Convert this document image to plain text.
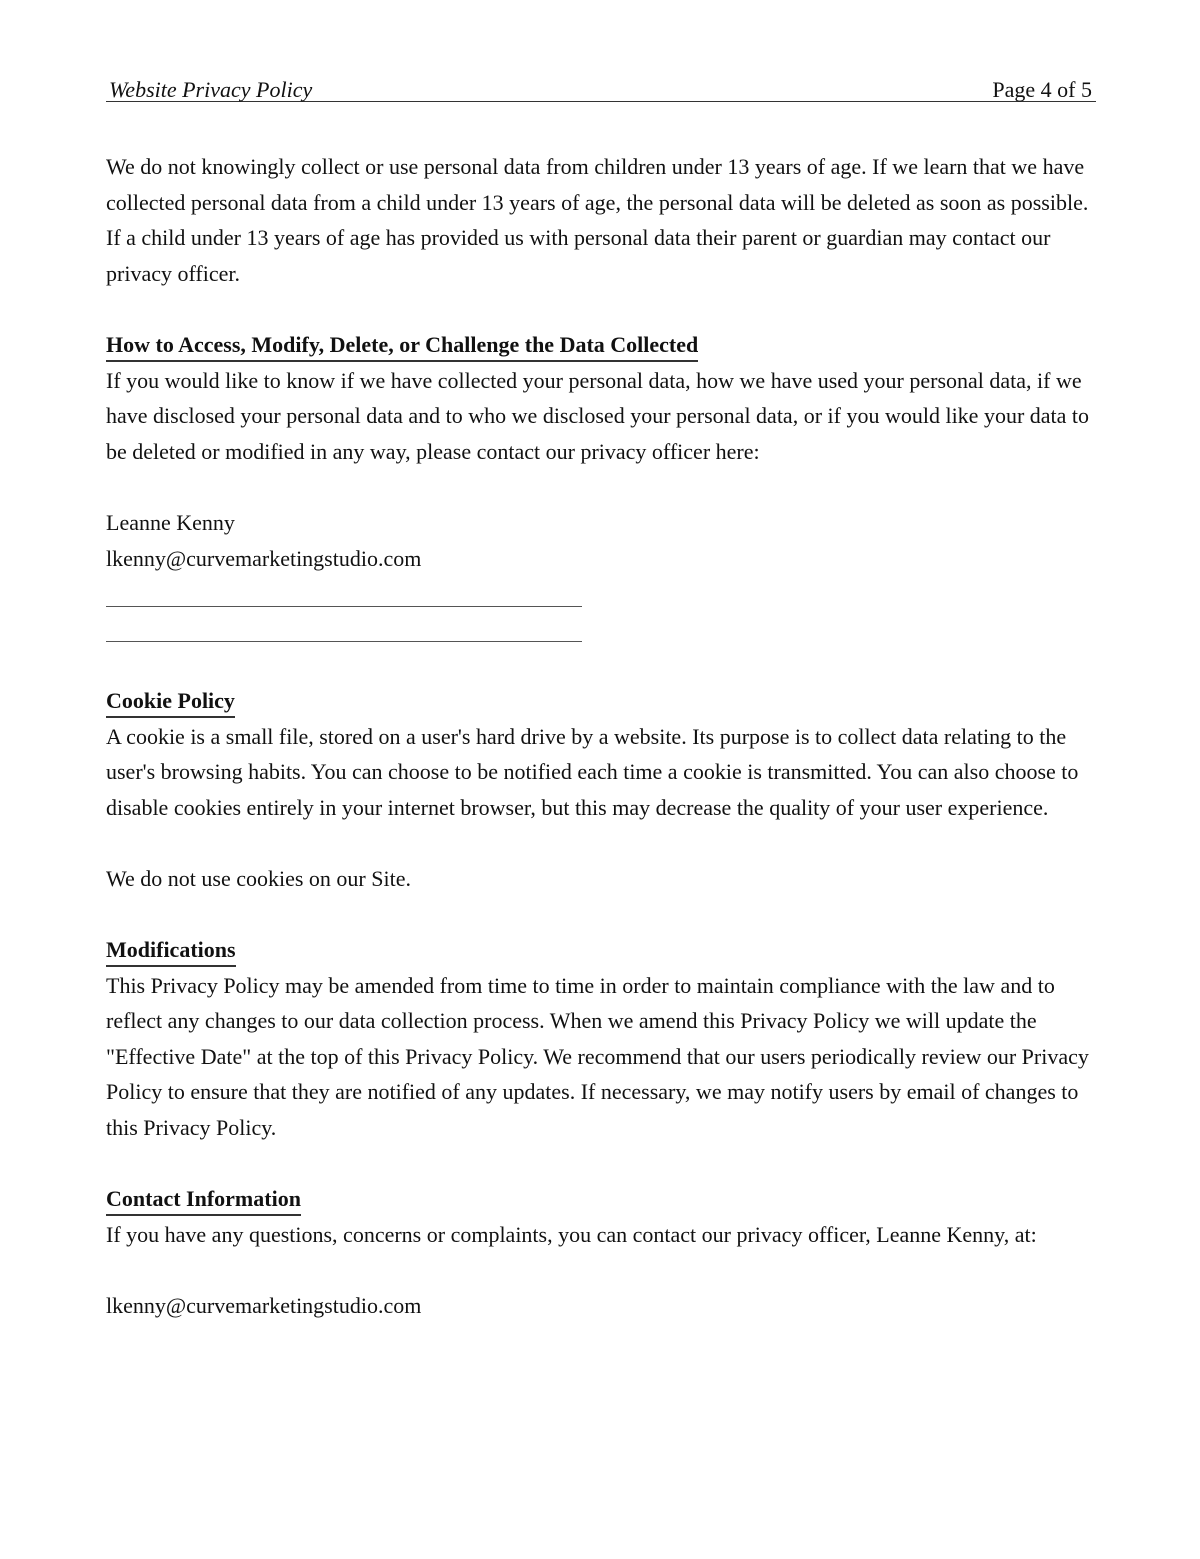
Website Privacy Policy	Page 4 of 5

We do not knowingly collect or use personal data from children under 13 years of age. If we learn that we have collected personal data from a child under 13 years of age, the personal data will be deleted as soon as possible. If a child under 13 years of age has provided us with personal data their parent or guardian may contact our privacy officer.

How to Access, Modify, Delete, or Challenge the Data Collected

If you would like to know if we have collected your personal data, how we have used your personal data, if we have disclosed your personal data and to who we disclosed your personal data, or if you would like your data to be deleted or modified in any way, please contact our privacy officer here:

Leanne Kenny
lkenny@curvemarketingstudio.com
Cookie Policy

A cookie is a small file, stored on a user's hard drive by a website. Its purpose is to collect data relating to the user's browsing habits. You can choose to be notified each time a cookie is transmitted. You can also choose to disable cookies entirely in your internet browser, but this may decrease the quality of your user experience.

We do not use cookies on our Site.
Modifications

This Privacy Policy may be amended from time to time in order to maintain compliance with the law and to reflect any changes to our data collection process. When we amend this Privacy Policy we will update the "Effective Date" at the top of this Privacy Policy. We recommend that our users periodically review our Privacy Policy to ensure that they are notified of any updates. If necessary, we may notify users by email of changes to this Privacy Policy.

Contact Information

If you have any questions, concerns or complaints, you can contact our privacy officer, Leanne Kenny, at:

lkenny@curvemarketingstudio.com
